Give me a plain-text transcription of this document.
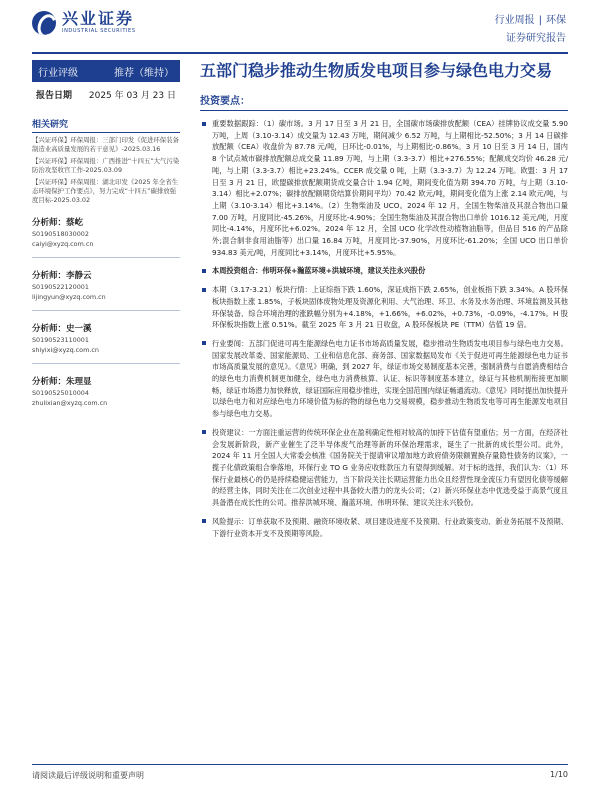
兴业证券
INDUSTRIAL SECURITIES
行业周报 | 环保
证券研究报告
行业评级	推荐（维持）
报告日期 2025 年 03 月 23 日
相关研究
【兴证环保】环保周报：三部门印发《促进环保装备制造业高质量发展的若干意见》-2025.03.16
【兴证环保】环保周报：广西推进“十四五”大气污染防治攻坚收官工作-2025.03.09
【兴证环保】环保周报：湖北印发《2025 年全省生态环境保护工作要点》，努力完成“十四五”碳排放强度目标-2025.03.02
分析师：蔡屹
S0190518030002
caiyi@xyzq.com.cn
分析师：李静云
S0190522120001
lijingyun@xyzq.com.cn
分析师：史一溪
S0190523110001
shiyixi@xyzq.com.cn
分析师：朱理显
S0190525010004
zhulixian@xyzq.com.cn
五部门稳步推动生物质发电项目参与绿色电力交易
投资要点：
重要数据跟踪：（1）碳市场。3 月 17 日至 3 月 21 日，全国碳市场碳排放配额（CEA）挂牌协议成交量 5.90 万吨，上周（3.10-3.14）成交量为 12.43 万吨，期间减少 6.52 万吨，与上期相比-52.50%；3 月 14 日碳排放配额（CEA）收盘价为 87.78 元/吨，日环比-0.01%，与上期相比-0.86%。3 月 10 日至 3 月 14 日，国内 8 个试点城市碳排放配额总成交量 11.89 万吨，与上期（3.3-3.7）相比+276.55%；配额成交均价 46.28 元/吨，与上期（3.3-3.7）相比+23.24%。CCER 成交量 0 吨，上期（3.3-3.7）为 12.24 万吨。欧盟：3 月 17 日至 3 月 21 日，欧盟碳排放配额期货成交量合计 1.94 亿吨，期间变化值为期 394.70 万吨，与上期（3.10-3.14）相比+2.07%；碳排放配额期货结算价期间平均）70.42 欧元/吨，期间变化值为上涨 2.14 欧元/吨，与上期（3.10-3.14）相比+3.14%。（2）生物柴油及 UCO。2024 年 12 月，全国生物柴油及其混合物出口量 7.00 万吨，月度同比-45.26%，月度环比-4.90%；全国生物柴油及其混合物出口单价 1016.12 美元/吨，月度同比-4.14%，月度环比+6.02%。2024 年 12 月，全国 UCO 化学改性动植物油脂等，但品目 516 的产品除外;混合制非食用油脂等）出口量 16.84 万吨，月度同比-37.90%，月度环比-61.20%；全国 UCO 出口单价 934.83 美元/吨，月度同比+3.14%，月度环比+5.95%。
本周投资组合：伟明环保+瀚蓝环境+洪城环境，建议关注永兴股份
本期（3.17-3.21）板块行情：上证综指下跌 1.60%，深证成指下跌 2.65%，创业板指下跌 3.34%。A 股环保板块指数上涨 1.85%，子板块固体废物处理及资源化利用、大气治理、环卫、水务及水务治理、环境监测及其他环保装备、综合环境治理的涨跌幅分别为+4.18%，+1.66%，+6.02%，+0.73%，-0.09%，-4.17%。H 股环保板块指数上涨 0.51%。截至 2025 年 3 月 21 日收盘，A 股环保板块 PE（TTM）估值 19 倍。
行业要闻：五部门促进可再生能源绿色电力证书市场高质量发展，稳步推动生物质发电项目参与绿色电力交易。国家发展改革委、国家能源局、工业和信息化部、商务部、国家数据局发布《关于促进可再生能源绿色电力证书市场高质量发展的意见》。《意见》明确，到 2027 年，绿证市场交易制度基本完善，强制消费与自愿消费相结合的绿色电力消费机制更加健全，绿色电力消费核算、认证、标识等制度基本建立，绿证与其他机制衔接更加顺畅，绿证市场潜力加快释放，绿证国际应用稳步推进，实现全国范围内绿证畅通流动。《意见》同时提出加快提升以绿色电力和对应绿色电力环境价值为标的物的绿色电力交易规模，稳步推动生物质发电等可再生能源发电项目参与绿色电力交易。
投资建议：一方面注重运营的传统环保企业在盈利确定性相对较高的加持下估值有望重估；另一方面，在经济社会发展新阶段，新产业催生了泛半导体废气治理等新的环保治理需求，诞生了一批新的成长型公司。此外，2024 年 11 月全国人大常委会核准《国务院关于提请审议增加地方政府债务限额置换存量隐性债务的议案》，一揽子化债政策组合拳落地，环保行业 TO G 业务应收账款压力有望得到缓解。对于标的选择，我们认为：（1）环保行业最核心的仍是持续稳健运营能力，当下阶段关注长期运营能力出众且经营性现金流压力有望因化债等缓解的经营主体，同时关注在二次创业过程中具备较大潜力的龙头公司；（2）新兴环保业态中优选受益于高景气度且具备潜在成长性的公司。推荐洪城环境、瀚蓝环境、伟明环保、建议关注永兴股份。
风险提示：订单获取不及预期、融资环境收紧、项目建设进度不及预期、行业政策变动、新业务拓展不及预期、下游行业资本开支不及预期等风险。
请阅读最后评级说明和重要声明	1/10
